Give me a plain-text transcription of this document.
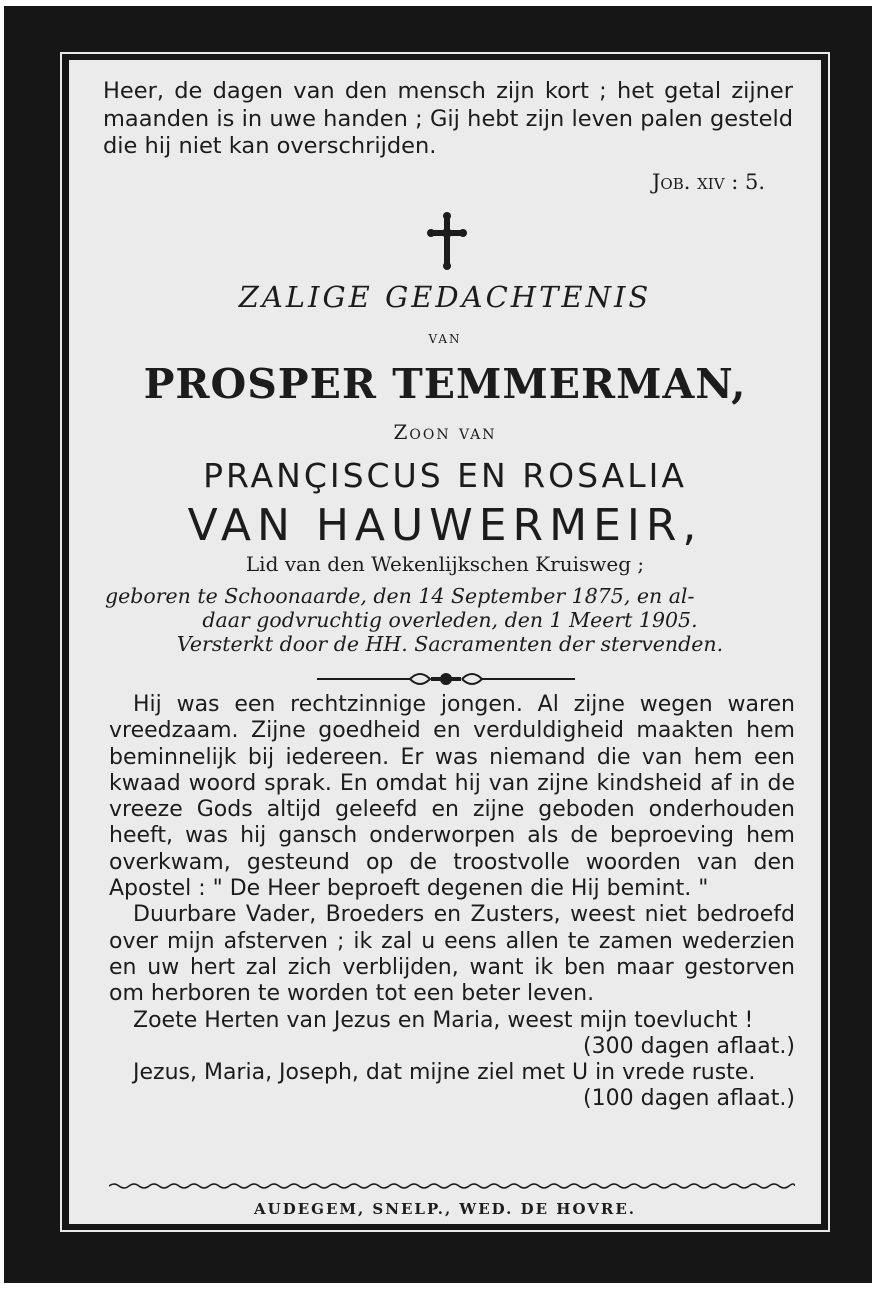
Heer, de dagen van den mensch zijn kort ; het getal zijner maanden is in uwe handen ; Gij hebt zijn leven palen gesteld die hij niet kan overschrijden.

Job. xiv : 5.

ZALIGE GEDACHTENIS

van

PROSPER TEMMERMAN,

Zoon van

PRANÇISCUS EN ROSALIA

VAN HAUWERMEIR,

Lid van den Wekenlijkschen Kruisweg ;

geboren te Schoonaarde, den 14 September 1875, en al-
daar godvruchtig overleden, den 1 Meert 1905.
Versterkt door de HH. Sacramenten der stervenden.

Hij was een rechtzinnige jongen. Al zijne wegen waren vreedzaam. Zijne goedheid en verduldigheid maakten hem beminnelijk bij iedereen. Er was niemand die van hem een kwaad woord sprak. En omdat hij van zijne kindsheid af in de vreeze Gods altijd geleefd en zijne geboden onderhouden heeft, was hij gansch onderworpen als de beproeving hem overkwam, gesteund op de troostvolle woorden van den Apostel : " De Heer beproeft degenen die Hij bemint. "

Duurbare Vader, Broeders en Zusters, weest niet bedroefd over mijn afsterven ; ik zal u eens allen te zamen wederzien en uw hert zal zich verblijden, want ik ben maar gestorven om herboren te worden tot een beter leven.

Zoete Herten van Jezus en Maria, weest mijn toevlucht !

(300 dagen aflaat.)

Jezus, Maria, Joseph, dat mijne ziel met U in vrede ruste.

(100 dagen aflaat.)

AUDEGEM, SNELP., WED. DE HOVRE.
